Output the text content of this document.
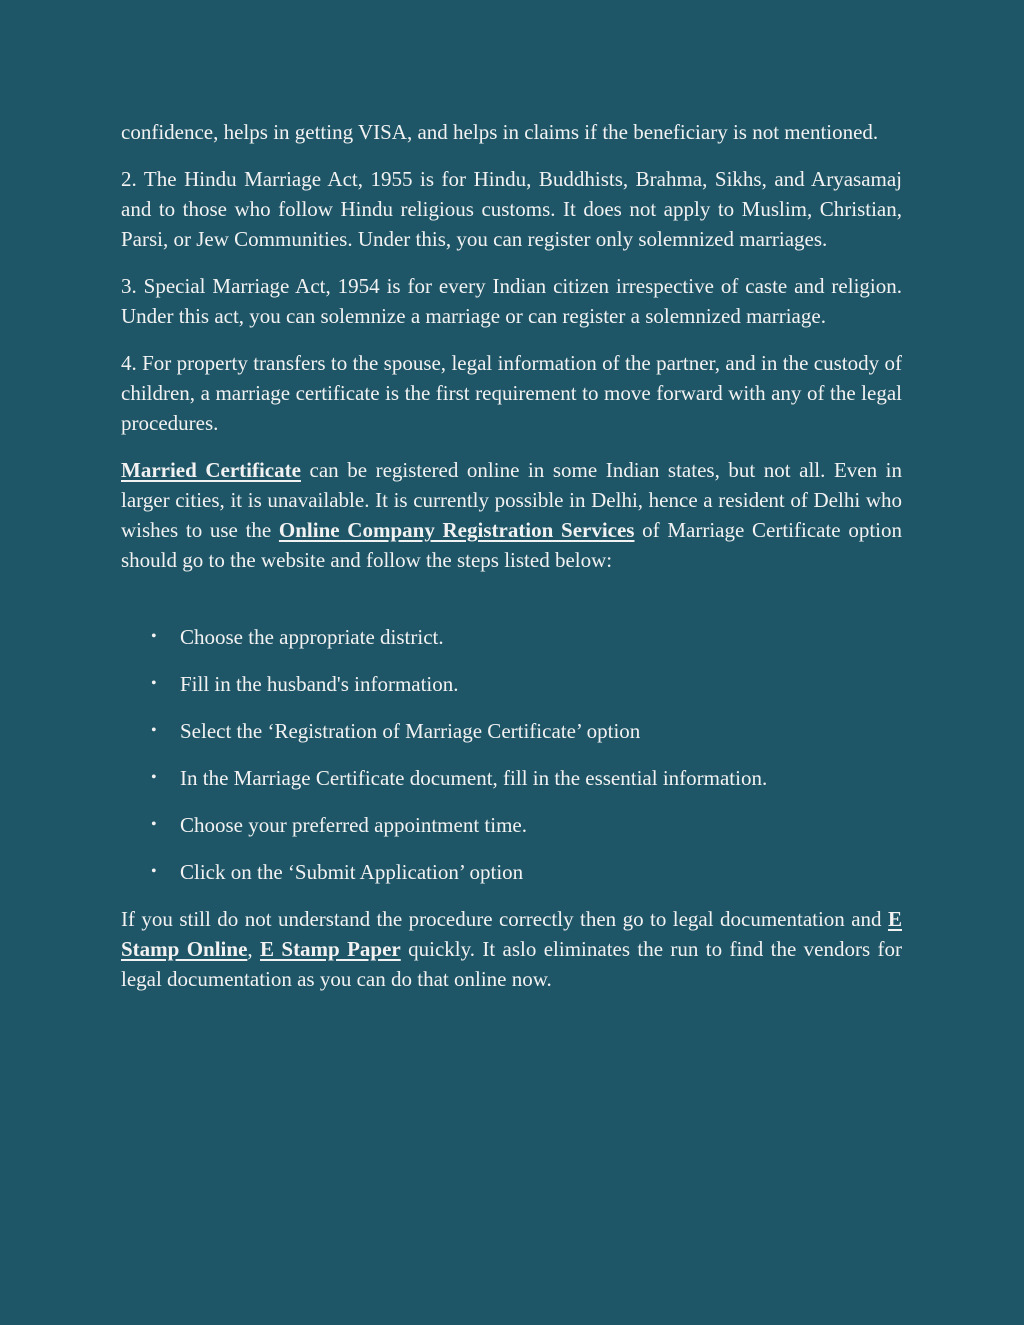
confidence, helps in getting VISA, and helps in claims if the beneficiary is not mentioned.

2. The Hindu Marriage Act, 1955 is for Hindu, Buddhists, Brahma, Sikhs, and Aryasamaj and to those who follow Hindu religious customs. It does not apply to Muslim, Christian, Parsi, or Jew Communities. Under this, you can register only solemnized marriages.

3. Special Marriage Act, 1954 is for every Indian citizen irrespective of caste and religion. Under this act, you can solemnize a marriage or can register a solemnized marriage.

4. For property transfers to the spouse, legal information of the partner, and in the custody of children, a marriage certificate is the first requirement to move forward with any of the legal procedures.

Married Certificate can be registered online in some Indian states, but not all. Even in larger cities, it is unavailable. It is currently possible in Delhi, hence a resident of Delhi who wishes to use the Online Company Registration Services of Marriage Certificate option should go to the website and follow the steps listed below:

• Choose the appropriate district.
• Fill in the husband's information.
• Select the ‘Registration of Marriage Certificate’ option
• In the Marriage Certificate document, fill in the essential information.
• Choose your preferred appointment time.
• Click on the ‘Submit Application’ option

If you still do not understand the procedure correctly then go to legal documentation and E Stamp Online, E Stamp Paper quickly. It aslo eliminates the run to find the vendors for legal documentation as you can do that online now.
